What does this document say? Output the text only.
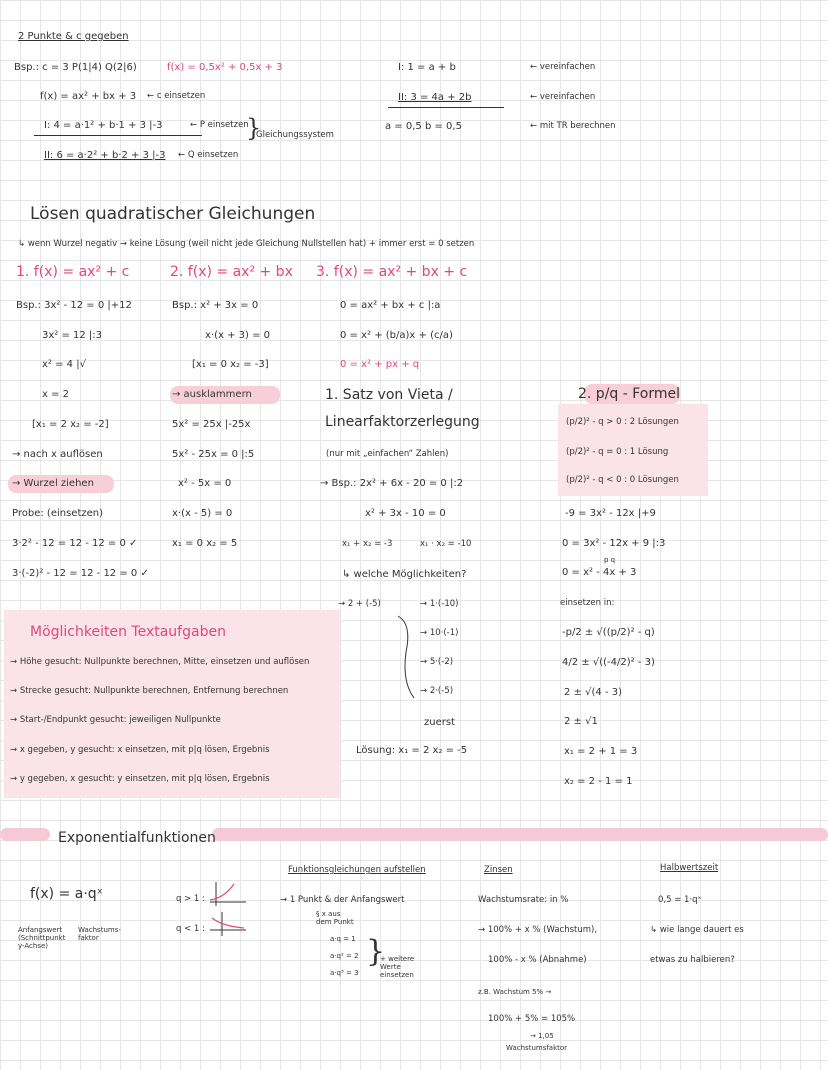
2 Punkte & c gegeben
Bsp.: c = 3 P(1|4) Q(2|6)	f(x) = 0,5x² + 0,5x + 3
f(x) = ax² + bx + 3 ← c einsetzen
I: 4 = a·1² + b·1 + 3 |-3	← P einsetzen
II: 6 = a·2² + b·2 + 3 |-3 ← Q einsetzen
}
Gleichungssystem
I: 1 = a + b	← vereinfachen
II: 3 = 4a + 2b	← vereinfachen
a = 0,5 b = 0,5	← mit TR berechnen
Lösen quadratischer Gleichungen
↳ wenn Wurzel negativ → keine Lösung (weil nicht jede Gleichung Nullstellen hat) + immer erst = 0 setzen
1. f(x) = ax² + c
Bsp.: 3x² - 12 = 0 |+12
3x² = 12 |:3
x² = 4 |√
x = 2
[x₁ = 2 x₂ = -2]
→ nach x auflösen
→ Wurzel ziehen
Probe: (einsetzen)
3·2² - 12 = 12 - 12 = 0 ✓
3·(-2)² - 12 = 12 - 12 = 0 ✓
2. f(x) = ax² + bx
Bsp.: x² + 3x = 0
x·(x + 3) = 0
[x₁ = 0 x₂ = -3]
→ ausklammern
5x² = 25x |-25x
5x² - 25x = 0 |:5
x² - 5x = 0
x·(x - 5) = 0
x₁ = 0 x₂ = 5
3. f(x) = ax² + bx + c
0 = ax² + bx + c |:a
0 = x² + (b/a)x + (c/a)
0 = x² + px + q
1. Satz von Vieta /
Linearfaktorzerlegung
(nur mit „einfachen“ Zahlen)
→ Bsp.: 2x² + 6x - 20 = 0 |:2
x² + 3x - 10 = 0
x₁ + x₂ = -3	x₁ · x₂ = -10
↳ welche Möglichkeiten?
→ 2 + (-5)	→ 1·(-10)
→ 10·(-1)
→ 5·(-2)
→ 2·(-5)
zuerst
Lösung: x₁ = 2 x₂ = -5
2. p/q - Formel
(p/2)² - q > 0 : 2 Lösungen
(p/2)² - q = 0 : 1 Lösung
(p/2)² - q < 0 : 0 Lösungen
-9 = 3x² - 12x |+9
0 = 3x² - 12x + 9 |:3
p q
0 = x² - 4x + 3
einsetzen in:
-p/2 ± √((p/2)² - q)
4/2 ± √((-4/2)² - 3)
2 ± √(4 - 3)
2 ± √1
x₁ = 2 + 1 = 3
x₂ = 2 - 1 = 1
Möglichkeiten Textaufgaben
→ Höhe gesucht: Nullpunkte berechnen, Mitte, einsetzen und auflösen
→ Strecke gesucht: Nullpunkte berechnen, Entfernung berechnen
→ Start-/Endpunkt gesucht: jeweiligen Nullpunkte
→ x gegeben, y gesucht: x einsetzen, mit p|q lösen, Ergebnis
→ y gegeben, x gesucht: y einsetzen, mit p|q lösen, Ergebnis
Exponentialfunktionen
f(x) = a·qˣ
Anfangswert (Schnittpunkt y-Achse)
Wachstums-faktor
q > 1 :
q < 1 :
Funktionsgleichungen aufstellen
→ 1 Punkt & der Anfangswert
§ x aus dem Punkt
a·q = 1
a·q² = 2
a·q³ = 3
}
+ weitere Werte einsetzen
Zinsen
Wachstumsrate: in %
→ 100% + x % (Wachstum),
100% - x % (Abnahme)
z.B. Wachstum 5% →
100% + 5% = 105%
→ 1,05
Wachstumsfaktor
Halbwertszeit
0,5 = 1·qˣ
↳ wie lange dauert es
etwas zu halbieren?
